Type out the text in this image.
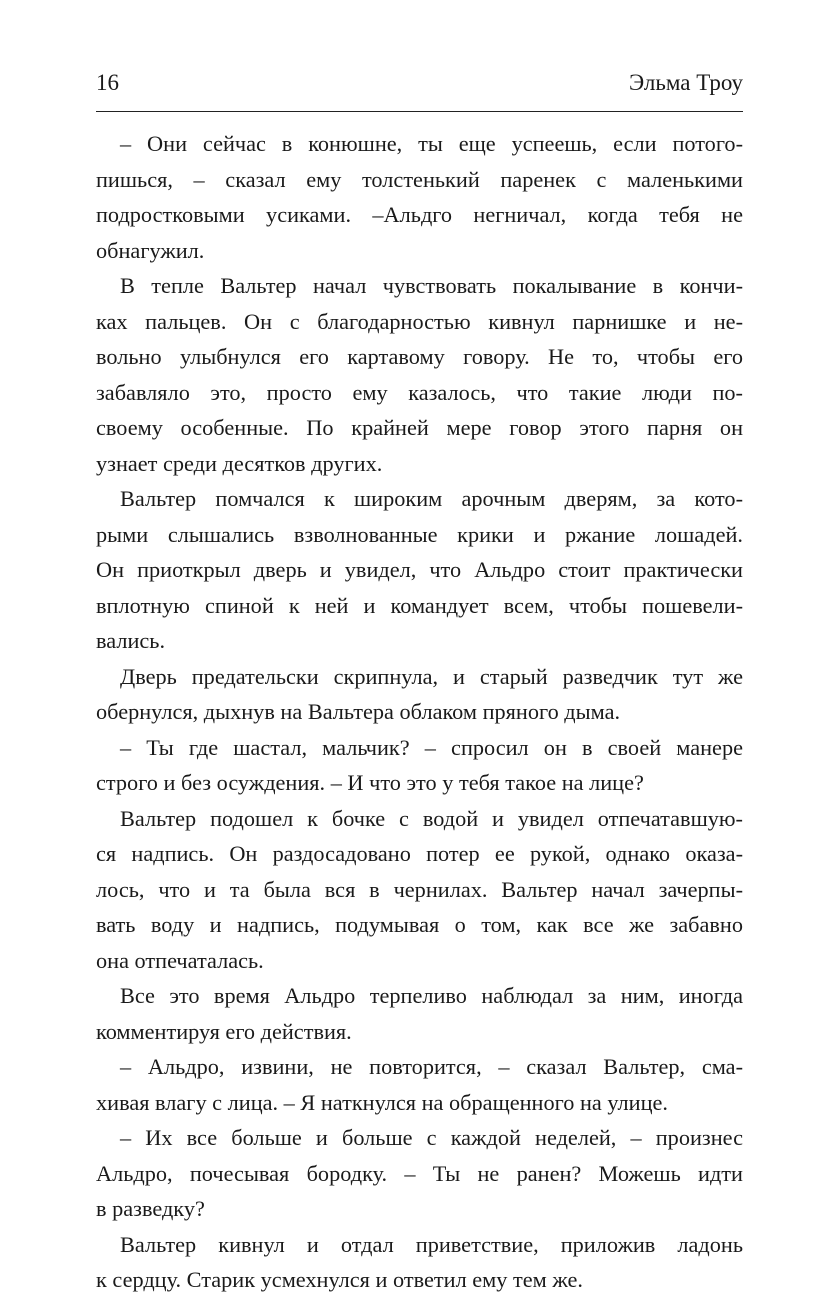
16	Эльма Троу
– Они сейчас в конюшне, ты еще успеешь, если потого-
пишься, – сказал ему толстенький паренек с маленькими
подростковыми усиками. –Альдго негничал, когда тебя не
обнагужил.
В тепле Вальтер начал чувствовать покалывание в кончи-
ках пальцев. Он с благодарностью кивнул парнишке и не-
вольно улыбнулся его картавому говору. Не то, чтобы его
забавляло это, просто ему казалось, что такие люди по-
своему особенные. По крайней мере говор этого парня он
узнает среди десятков других.
Вальтер помчался к широким арочным дверям, за кото-
рыми слышались взволнованные крики и ржание лошадей.
Он приоткрыл дверь и увидел, что Альдро стоит практически
вплотную спиной к ней и командует всем, чтобы пошевели-
вались.
Дверь предательски скрипнула, и старый разведчик тут же
обернулся, дыхнув на Вальтера облаком пряного дыма.
– Ты где шастал, мальчик? – спросил он в своей манере
строго и без осуждения. – И что это у тебя такое на лице?
Вальтер подошел к бочке с водой и увидел отпечатавшую-
ся надпись. Он раздосадовано потер ее рукой, однако оказа-
лось, что и та была вся в чернилах. Вальтер начал зачерпы-
вать воду и надпись, подумывая о том, как все же забавно
она отпечаталась.
Все это время Альдро терпеливо наблюдал за ним, иногда
комментируя его действия.
– Альдро, извини, не повторится, – сказал Вальтер, сма-
хивая влагу с лица. – Я наткнулся на обращенного на улице.
– Их все больше и больше с каждой неделей, – произнес
Альдро, почесывая бородку. – Ты не ранен? Можешь идти
в разведку?
Вальтер кивнул и отдал приветствие, приложив ладонь
к сердцу. Старик усмехнулся и ответил ему тем же.
